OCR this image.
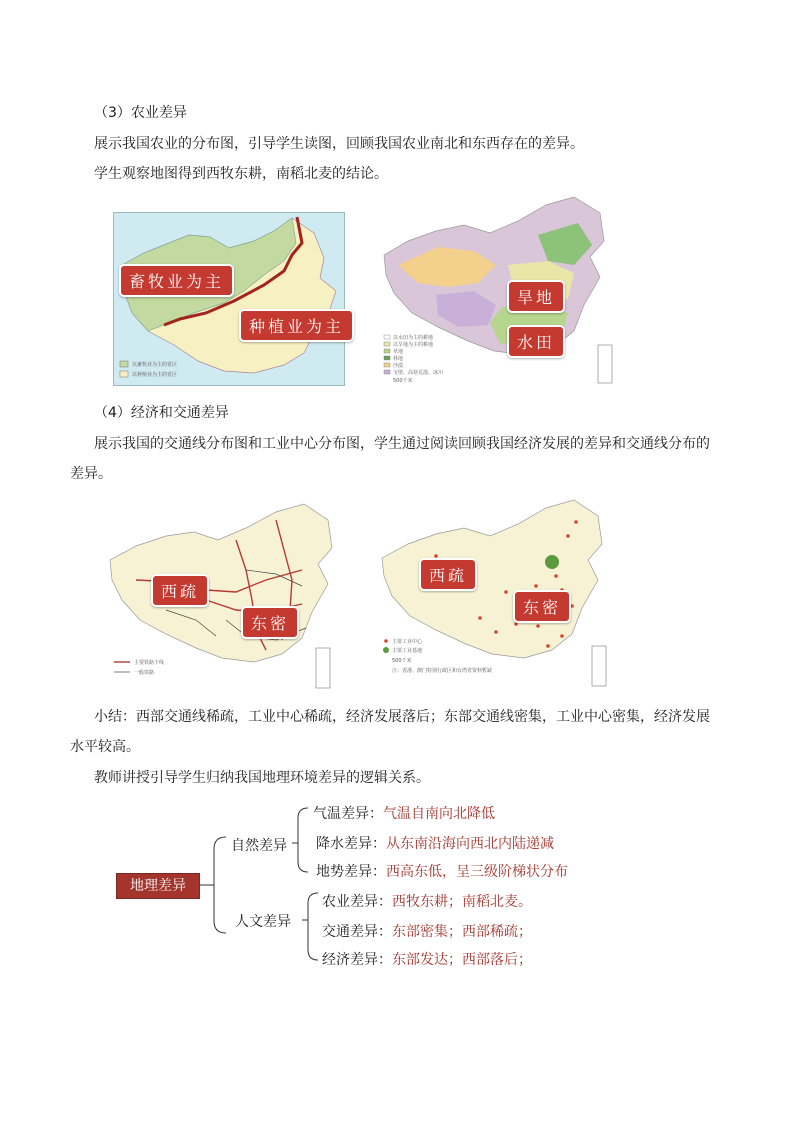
（3）农业差异
展示我国农业的分布图，引导学生读图，回顾我国农业南北和东西存在的差异。
学生观察地图得到西牧东耕，南稻北麦的结论。
以畜牧业为主的省区
以种植业为主的省区
畜牧业为主
种植业为主
以水田为主的耕地
以旱地为主的耕地
草地
林地
沙漠
戈壁、高寒荒漠、冰川
500千米
旱地
水田
（4）经济和交通差异
展示我国的交通线分布图和工业中心分布图，学生通过阅读回顾我国经济发展的差异和交通线分布的
差异。
主要铁路干线
一般铁路
西疏
东密
主要工业中心
主要工业基地
500千米
注：香港、澳门特别行政区和台湾省资料暂缺
西疏
东密
小结：西部交通线稀疏，工业中心稀疏，经济发展落后；东部交通线密集，工业中心密集，经济发展
水平较高。
教师讲授引导学生归纳我国地理环境差异的逻辑关系。
地理差异
自然差异
人文差异
气温差异：气温自南向北降低
降水差异：从东南沿海向西北内陆递减
地势差异：西高东低，呈三级阶梯状分布
农业差异：西牧东耕；南稻北麦。
交通差异：东部密集；西部稀疏；
经济差异：东部发达；西部落后；
